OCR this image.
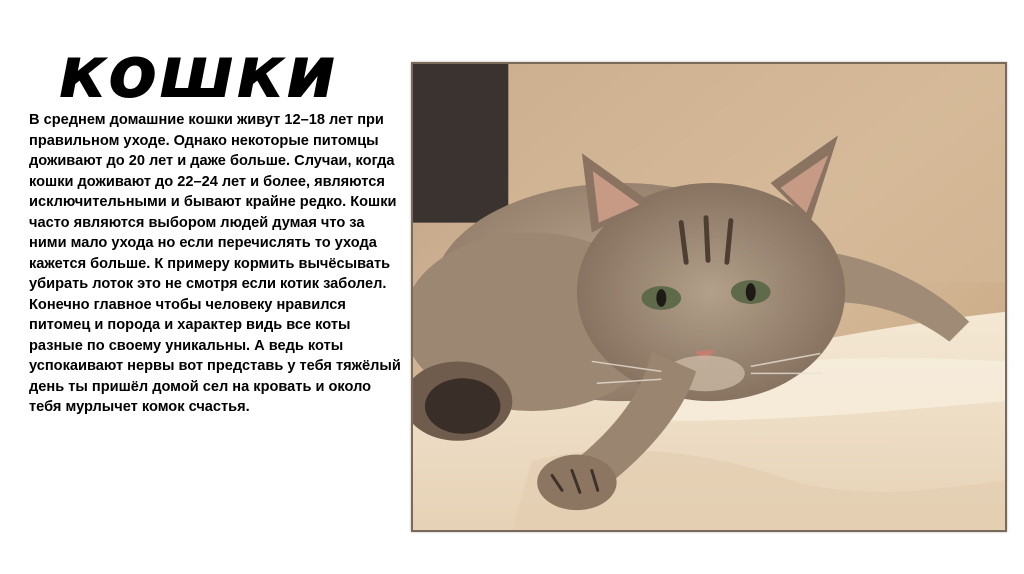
кошки

В среднем домашние кошки живут 12–18 лет при правильном уходе. Однако некоторые питомцы доживают до 20 лет и даже больше. Случаи, когда кошки доживают до 22–24 лет и более, являются исключительными и бывают крайне редко. Кошки часто являются выбором людей думая что за ними мало ухода но если перечислять то ухода кажется больше. К примеру кормить вычёсывать убирать лоток это не смотря если котик заболел. Конечно главное чтобы человеку нравился питомец и порода и характер видь все коты разные по своему уникальны. А ведь коты успокаивают нервы вот представь у тебя тяжёлый день ты пришёл домой сел на кровать и около тебя мурлычет комок счастья.
